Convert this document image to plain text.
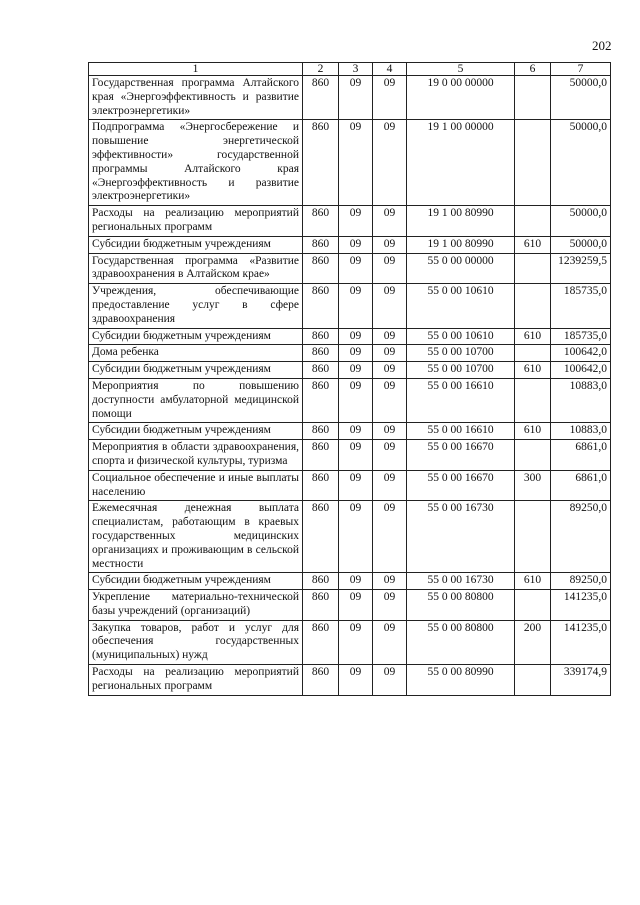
202
1	2	3	4	5	6	7
Государственная программа Алтайского края «Энергоэффективность и развитие электроэнергетики»	860	09	09	19 0 00 00000		50000,0
Подпрограмма «Энергосбережение и повышение энергетической эффективности» государственной программы Алтайского края «Энергоэффективность и развитие электроэнергетики»	860	09	09	19 1 00 00000		50000,0
Расходы на реализацию мероприятий региональных программ	860	09	09	19 1 00 80990		50000,0
Субсидии бюджетным учреждениям	860	09	09	19 1 00 80990	610	50000,0
Государственная программа «Развитие здравоохранения в Алтайском крае»	860	09	09	55 0 00 00000		1239259,5
Учреждения, обеспечивающие предоставление услуг в сфере здравоохранения	860	09	09	55 0 00 10610		185735,0
Субсидии бюджетным учреждениям	860	09	09	55 0 00 10610	610	185735,0
Дома ребенка	860	09	09	55 0 00 10700		100642,0
Субсидии бюджетным учреждениям	860	09	09	55 0 00 10700	610	100642,0
Мероприятия по повышению доступности амбулаторной медицинской помощи	860	09	09	55 0 00 16610		10883,0
Субсидии бюджетным учреждениям	860	09	09	55 0 00 16610	610	10883,0
Мероприятия в области здравоохранения, спорта и физической культуры, туризма	860	09	09	55 0 00 16670		6861,0
Социальное обеспечение и иные выплаты населению	860	09	09	55 0 00 16670	300	6861,0
Ежемесячная денежная выплата специалистам, работающим в краевых государственных медицинских организациях и проживающим в сельской местности	860	09	09	55 0 00 16730		89250,0
Субсидии бюджетным учреждениям	860	09	09	55 0 00 16730	610	89250,0
Укрепление материально-технической базы учреждений (организаций)	860	09	09	55 0 00 80800		141235,0
Закупка товаров, работ и услуг для обеспечения государственных (муниципальных) нужд	860	09	09	55 0 00 80800	200	141235,0
Расходы на реализацию мероприятий региональных программ	860	09	09	55 0 00 80990		339174,9
